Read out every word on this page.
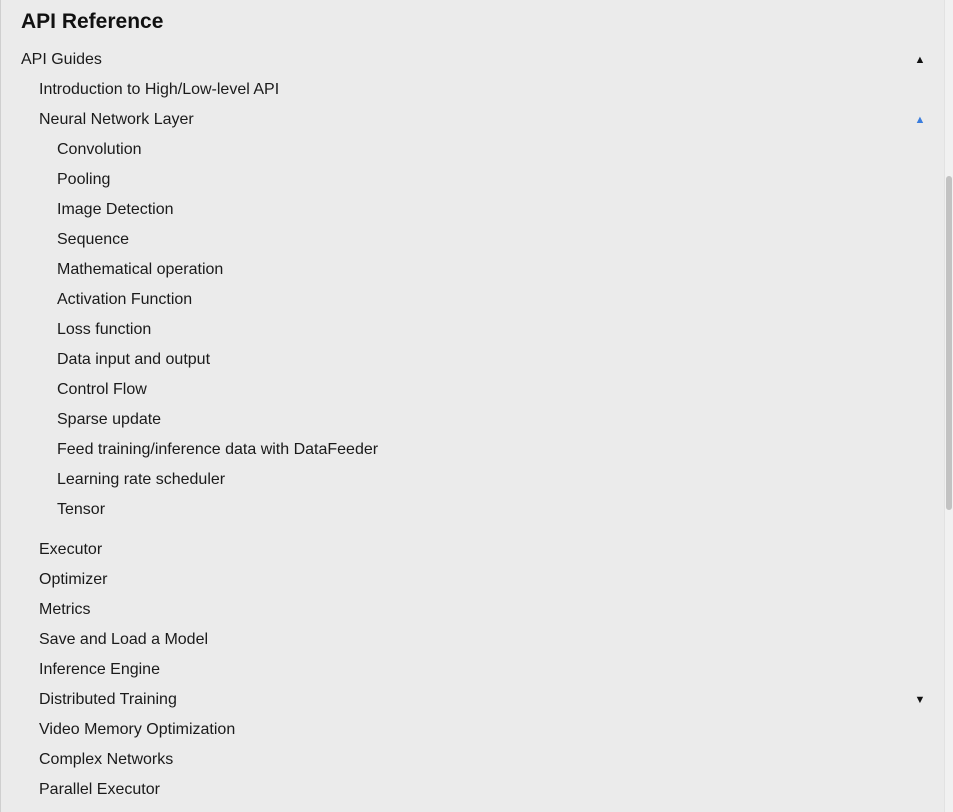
API Reference
API Guides	▲
Introduction to High/Low-level API
Neural Network Layer	▲
Convolution
Pooling
Image Detection
Sequence
Mathematical operation
Activation Function
Loss function
Data input and output
Control Flow
Sparse update
Feed training/inference data with DataFeeder
Learning rate scheduler
Tensor
Executor
Optimizer
Metrics
Save and Load a Model
Inference Engine
Distributed Training	▼
Video Memory Optimization
Complex Networks
Parallel Executor
